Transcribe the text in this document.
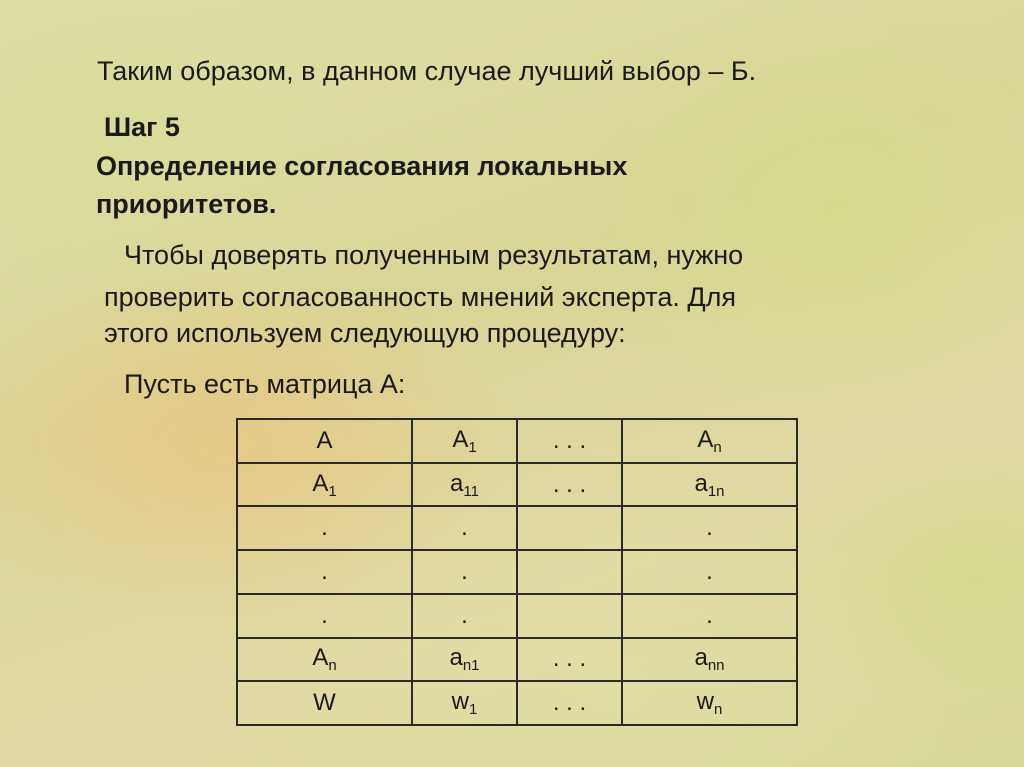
Таким образом, в данном случае лучший выбор – Б.

Шаг 5

Определение согласования локальных

приоритетов.

Чтобы доверять полученным результатам, нужно

проверить согласованность мнений эксперта. Для

этого используем следующую процедуру:

Пусть есть матрица А:

А	$A_1$	. . .	$A_n$
$A_1$	$a_{11}$	. . .	$a_{1n}$
.	.		.
.	.		.
.	.		.
$A_n$	$a_{n1}$	. . .	$a_{nn}$
W	$w_1$	. . .	$w_n$
